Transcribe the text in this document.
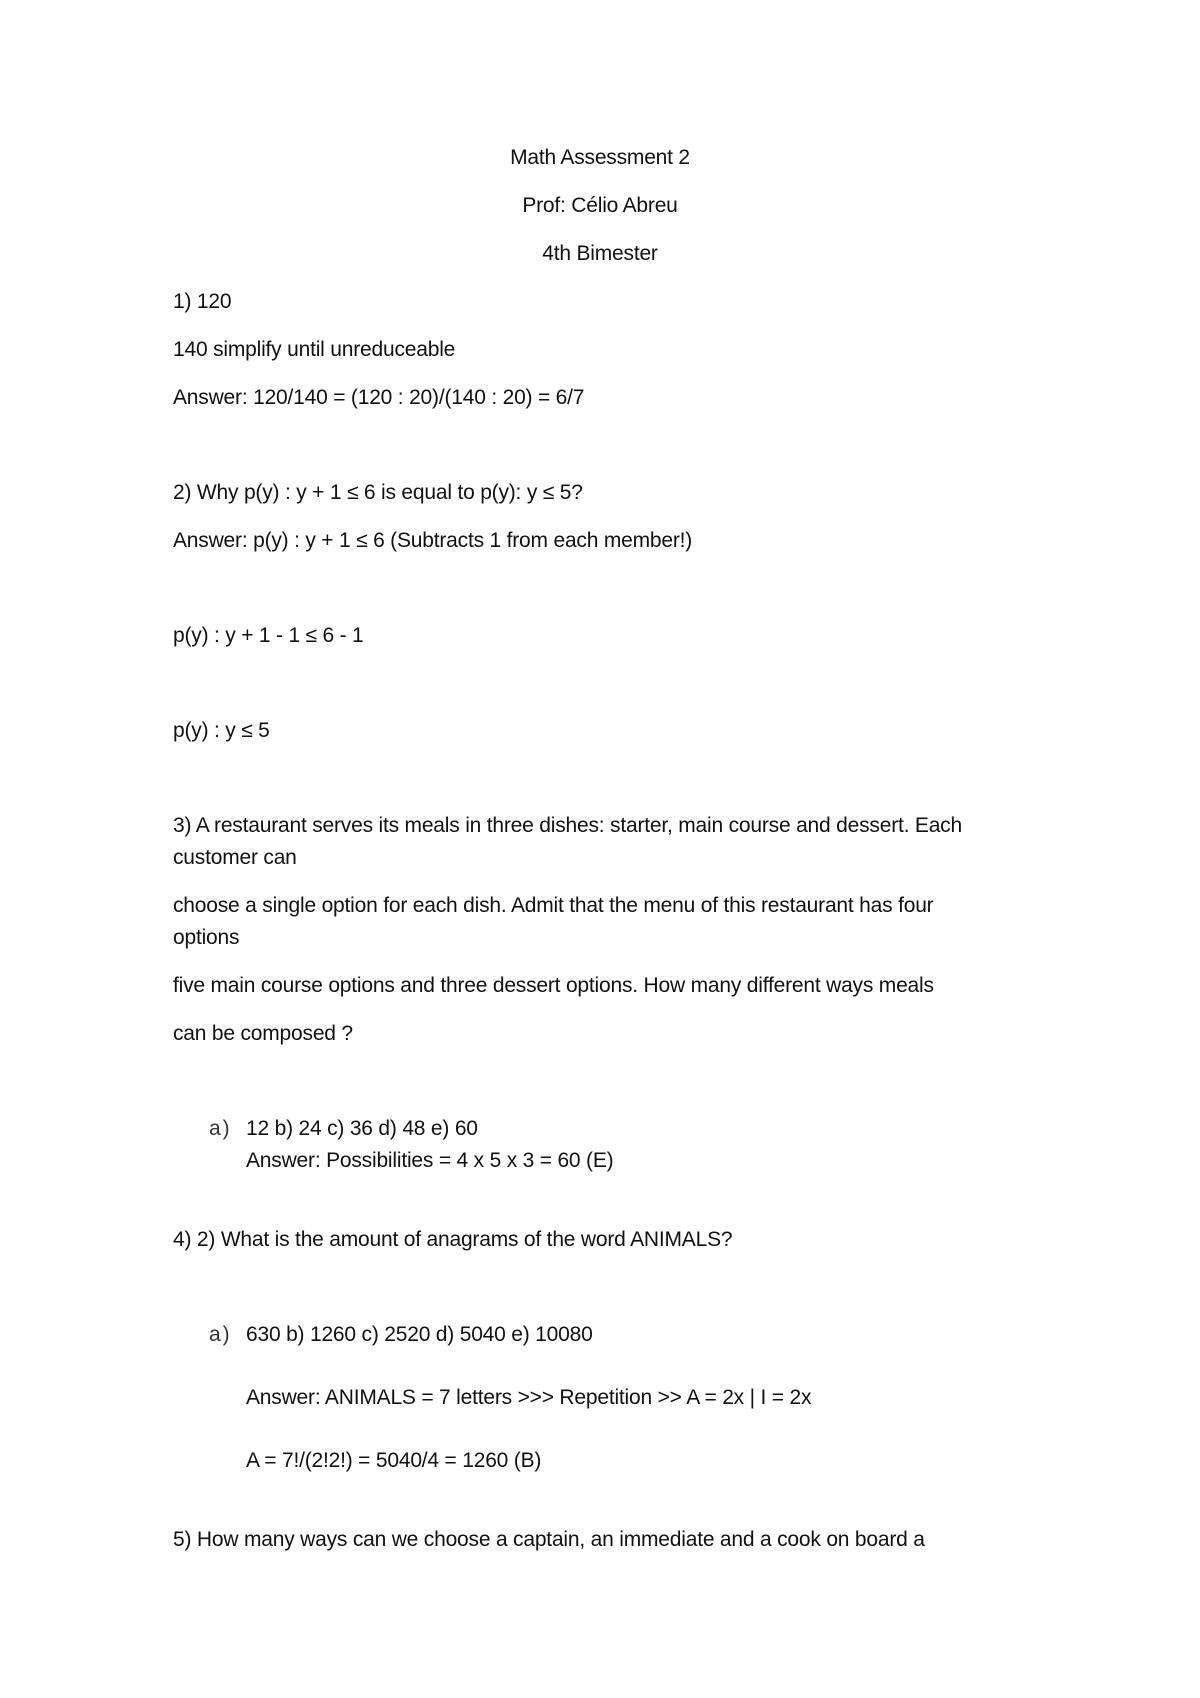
Math Assessment 2
Prof: Célio Abreu
4th Bimester
1) 120
140 simplify until unreduceable
Answer: 120/140 = (120 : 20)/(140 : 20) = 6/7
2) Why p(y) : y + 1 ≤ 6 is equal to p(y): y ≤ 5?
Answer: p(y) : y + 1 ≤ 6 (Subtracts 1 from each member!)
p(y) : y + 1 - 1 ≤ 6 - 1
p(y) : y ≤ 5
3) A restaurant serves its meals in three dishes: starter, main course and dessert. Each
customer can
choose a single option for each dish. Admit that the menu of this restaurant has four
options
five main course options and three dessert options. How many different ways meals
can be composed ?
a) 12 b) 24 c) 36 d) 48 e) 60
Answer: Possibilities = 4 x 5 x 3 = 60 (E)
4) 2) What is the amount of anagrams of the word ANIMALS?
a) 630 b) 1260 c) 2520 d) 5040 e) 10080
Answer: ANIMALS = 7 letters >>> Repetition >> A = 2x | I = 2x
A = 7!/(2!2!) = 5040/4 = 1260 (B)
5) How many ways can we choose a captain, an immediate and a cook on board a
